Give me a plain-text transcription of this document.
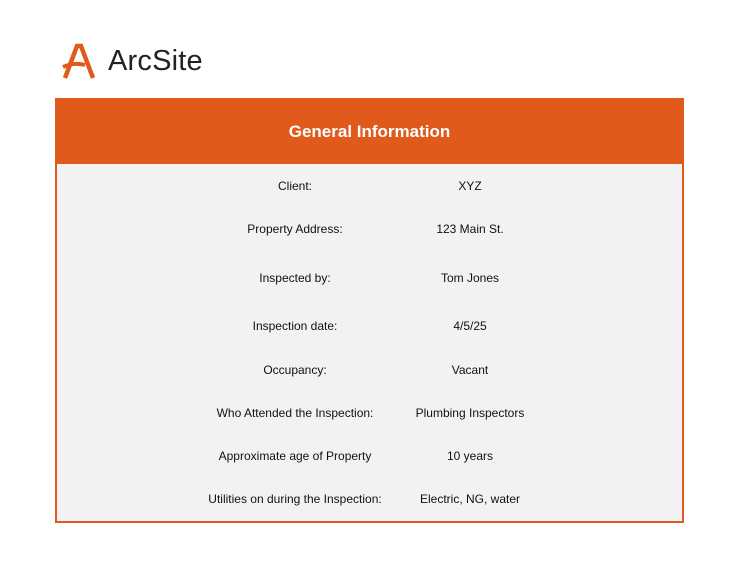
ArcSite
General Information
Client:	XYZ
Property Address:	123 Main St.
Inspected by:	Tom Jones
Inspection date:	4/5/25
Occupancy:	Vacant
Who Attended the Inspection:	Plumbing Inspectors
Approximate age of Property	10 years
Utilities on during the Inspection:	Electric, NG, water
